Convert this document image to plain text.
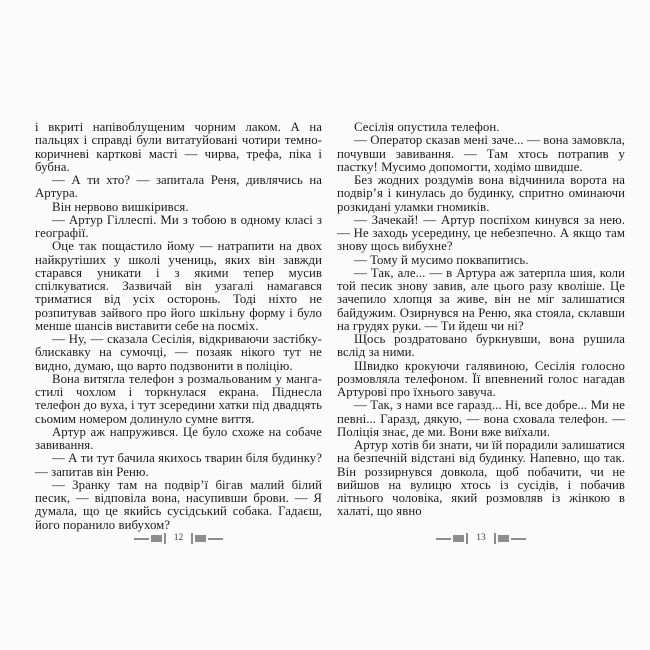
і вкриті напівоблущеним чорним лаком. А на пальцях і справді були витатуйовані чотири темно-коричневі карткові масті — чирва, трефа, піка і бубна.

— А ти хто? — запитала Реня, дивлячись на Артура.

Він нервово вишкірився.

— Артур Гіллеспі. Ми з тобою в одному класі з географії.

Оце так пощастило йому — натрапити на двох найкрутіших у школі учениць, яких він завжди старався уникати і з якими тепер мусив спілкуватися. Зазвичай він узагалі намагався триматися від усіх осторонь. Тоді ніхто не розпитував зайвого про його шкільну форму і було менше шансів виставити себе на посміх.

— Ну, — сказала Сесілія, відкриваючи застібку-блискавку на сумочці, — позаяк нікого тут не видно, думаю, що варто подзвонити в поліцію.

Вона витягла телефон з розмальованим у манга-стилі чохлом і торкнулася екрана. Піднесла телефон до вуха, і тут зсередини хатки під двадцять сьомим номером долинуло сумне виття.

Артур аж напружився. Це було схоже на собаче завивання.

— А ти тут бачила якихось тварин біля будинку? — запитав він Реню.

— Зранку там на подвір’ї бігав малий білий песик, — відповіла вона, насупивши брови. — Я думала, що це якийсь сусідський собака. Гадаєш, його поранило вибухом?

Сесілія опустила телефон.

— Оператор сказав мені заче... — вона замовкла, почувши завивання. — Там хтось потрапив у пастку! Мусимо допомогти, ходімо швидше.

Без жодних роздумів вона відчинила ворота на подвір’я і кинулась до будинку, спритно оминаючи розкидані уламки гномиків.

— Зачекай! — Артур поспіхом кинувся за нею. — Не заходь усередину, це небезпечно. А якщо там знову щось вибухне?

— Тому й мусимо поквапитись.

— Так, але... — в Артура аж затерпла шия, коли той песик знову завив, але цього разу кволіше. Це зачепило хлопця за живе, він не міг залишатися байдужим. Озирнувся на Реню, яка стояла, склавши на грудях руки. — Ти йдеш чи ні?

Щось роздратовано буркнувши, вона рушила вслід за ними.

Швидко крокуючи галявиною, Сесілія голосно розмовляла телефоном. Її впевнений голос нагадав Артурові про їхнього завуча.

— Так, з нами все гаразд... Ні, все добре... Ми не певні... Гаразд, дякую, — вона сховала телефон. — Поліція знає, де ми. Вони вже виїхали.

Артур хотів би знати, чи їй порадили залишатися на безпечній відстані від будинку. Напевно, що так. Він роззирнувся довкола, щоб побачити, чи не вийшов на вулицю хтось із сусідів, і побачив літнього чоловіка, який розмовляв із жінкою в халаті, що явно

12	13
